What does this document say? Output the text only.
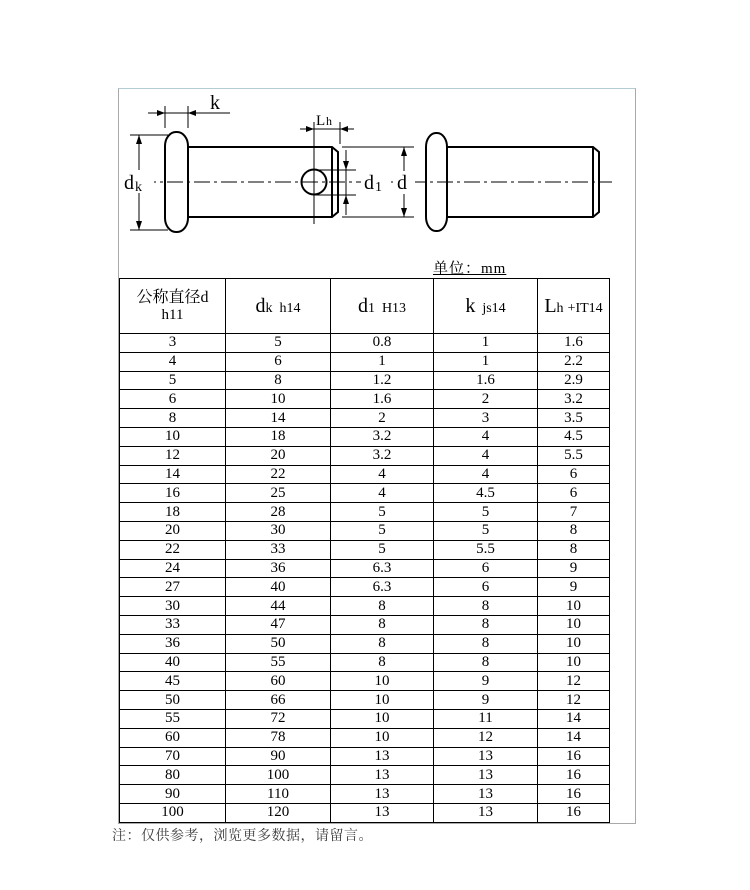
k
d k
L h
d 1 d
单位：mm
公称直径d
h11	dk h14	d1 H13	k js14	Lh +IT14
3	5	0.8	1	1.6
4	6	1	1	2.2
5	8	1.2	1.6	2.9
6	10	1.6	2	3.2
8	14	2	3	3.5
10	18	3.2	4	4.5
12	20	3.2	4	5.5
14	22	4	4	6
16	25	4	4.5	6
18	28	5	5	7
20	30	5	5	8
22	33	5	5.5	8
24	36	6.3	6	9
27	40	6.3	6	9
30	44	8	8	10
33	47	8	8	10
36	50	8	8	10
40	55	8	8	10
45	60	10	9	12
50	66	10	9	12
55	72	10	11	14
60	78	10	12	14
70	90	13	13	16
80	100	13	13	16
90	110	13	13	16
100	120	13	13	16
注：仅供参考，浏览更多数据，请留言。
